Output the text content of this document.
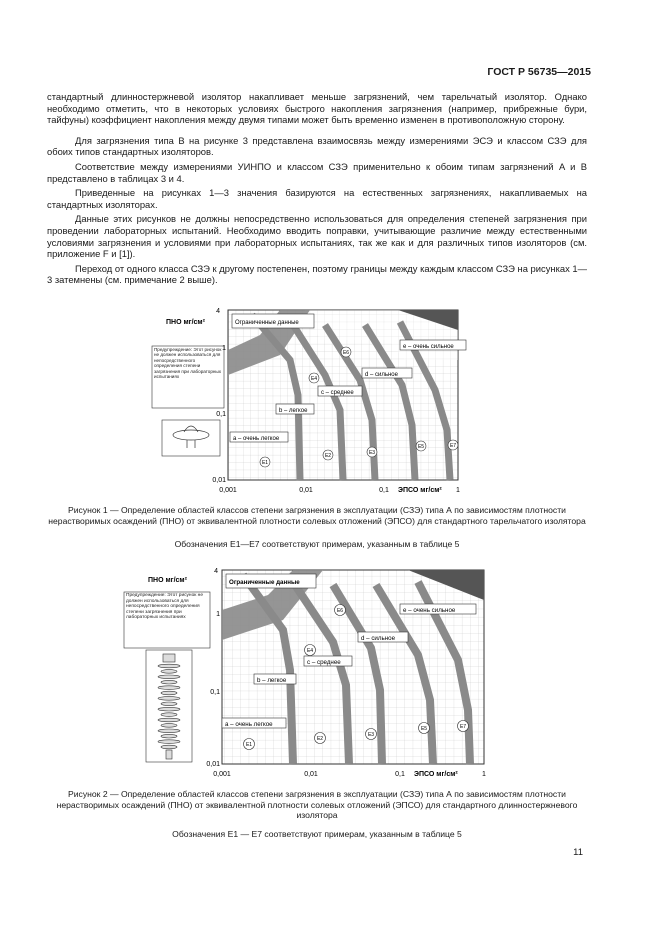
ГОСТ Р 56735—2015

стандартный длинностержневой изолятор накапливает меньше загрязнений, чем тарельчатый изолятор. Однако необходимо отметить, что в некоторых условиях быстрого накопления загрязнения (например, прибрежные бури, тайфуны) коэффициент накопления между двумя типами может быть временно изменен в противоположную сторону.

Для загрязнения типа B на рисунке 3 представлена взаимосвязь между измерениями ЭСЭ и классом СЗЭ для обоих типов стандартных изоляторов.

Соответствие между измерениями УИНПО и классом СЗЭ применительно к обоим типам загрязнений A и B представлено в таблицах 3 и 4.

Приведенные на рисунках 1—3 значения базируются на естественных загрязнениях, накапливаемых на стандартных изоляторах.

Данные этих рисунков не должны непосредственно использоваться для определения степеней загрязнения при проведении лабораторных испытаний. Необходимо вводить поправки, учитывающие различие между естественными условиями загрязнения и условиями при лабораторных испытаниях, так же как и для различных типов изоляторов (см. приложение F и [1]).

Переход от одного класса СЗЭ к другому постепенен, поэтому границы между каждым классом СЗЭ на рисунках 1—3 затемнены (см. примечание 2 выше).

Ограниченные данные
е – очень сильное
d – сильное
с – среднее
b – легкое
а – очень легкое
E1
E2	E3
E4
E5
E6
E7
Предупреждение: Этот рисунок не должен использоваться для непосредственного определения степени загрязнения при лабораторных испытаниях
ПНО мг/см²
4
1
0,1
0,01
0,001	0,01	0,1	1
ЭПСО мг/см²
Рисунок 1 — Определение областей классов степени загрязнения в эксплуатации (СЗЭ) типа А по зависимостям плотности нерастворимых осаждений (ПНО) от эквивалентной плотности солевых отложений (ЭПСО) для стандартного тарельчатого изолятора
Обозначения Е1—Е7 соответствуют примерам, указанным в таблице 5
Ограниченные данные
е – очень сильное
d – сильное
с – среднее
b – легкое
а – очень легкое
E1
E2
E3
E4
E5
E6
E7
Предупреждение: Этот рисунок не должен использоваться для непосредственного определения степени загрязнения при лабораторных испытаниях
ПНО мг/см²
4
1
0,1
0,01
0,001	0,01	0,1	1
ЭПСО мг/см²
Рисунок 2 — Определение областей классов степени загрязнения в эксплуатации (СЗЭ) типа А по зависимостям плотности нерастворимых осаждений (ПНО) от эквивалентной плотности солевых отложений (ЭПСО) для стандартного длинностержневого изолятора
Обозначения Е1 — Е7 соответствуют примерам, указанным в таблице 5
11
